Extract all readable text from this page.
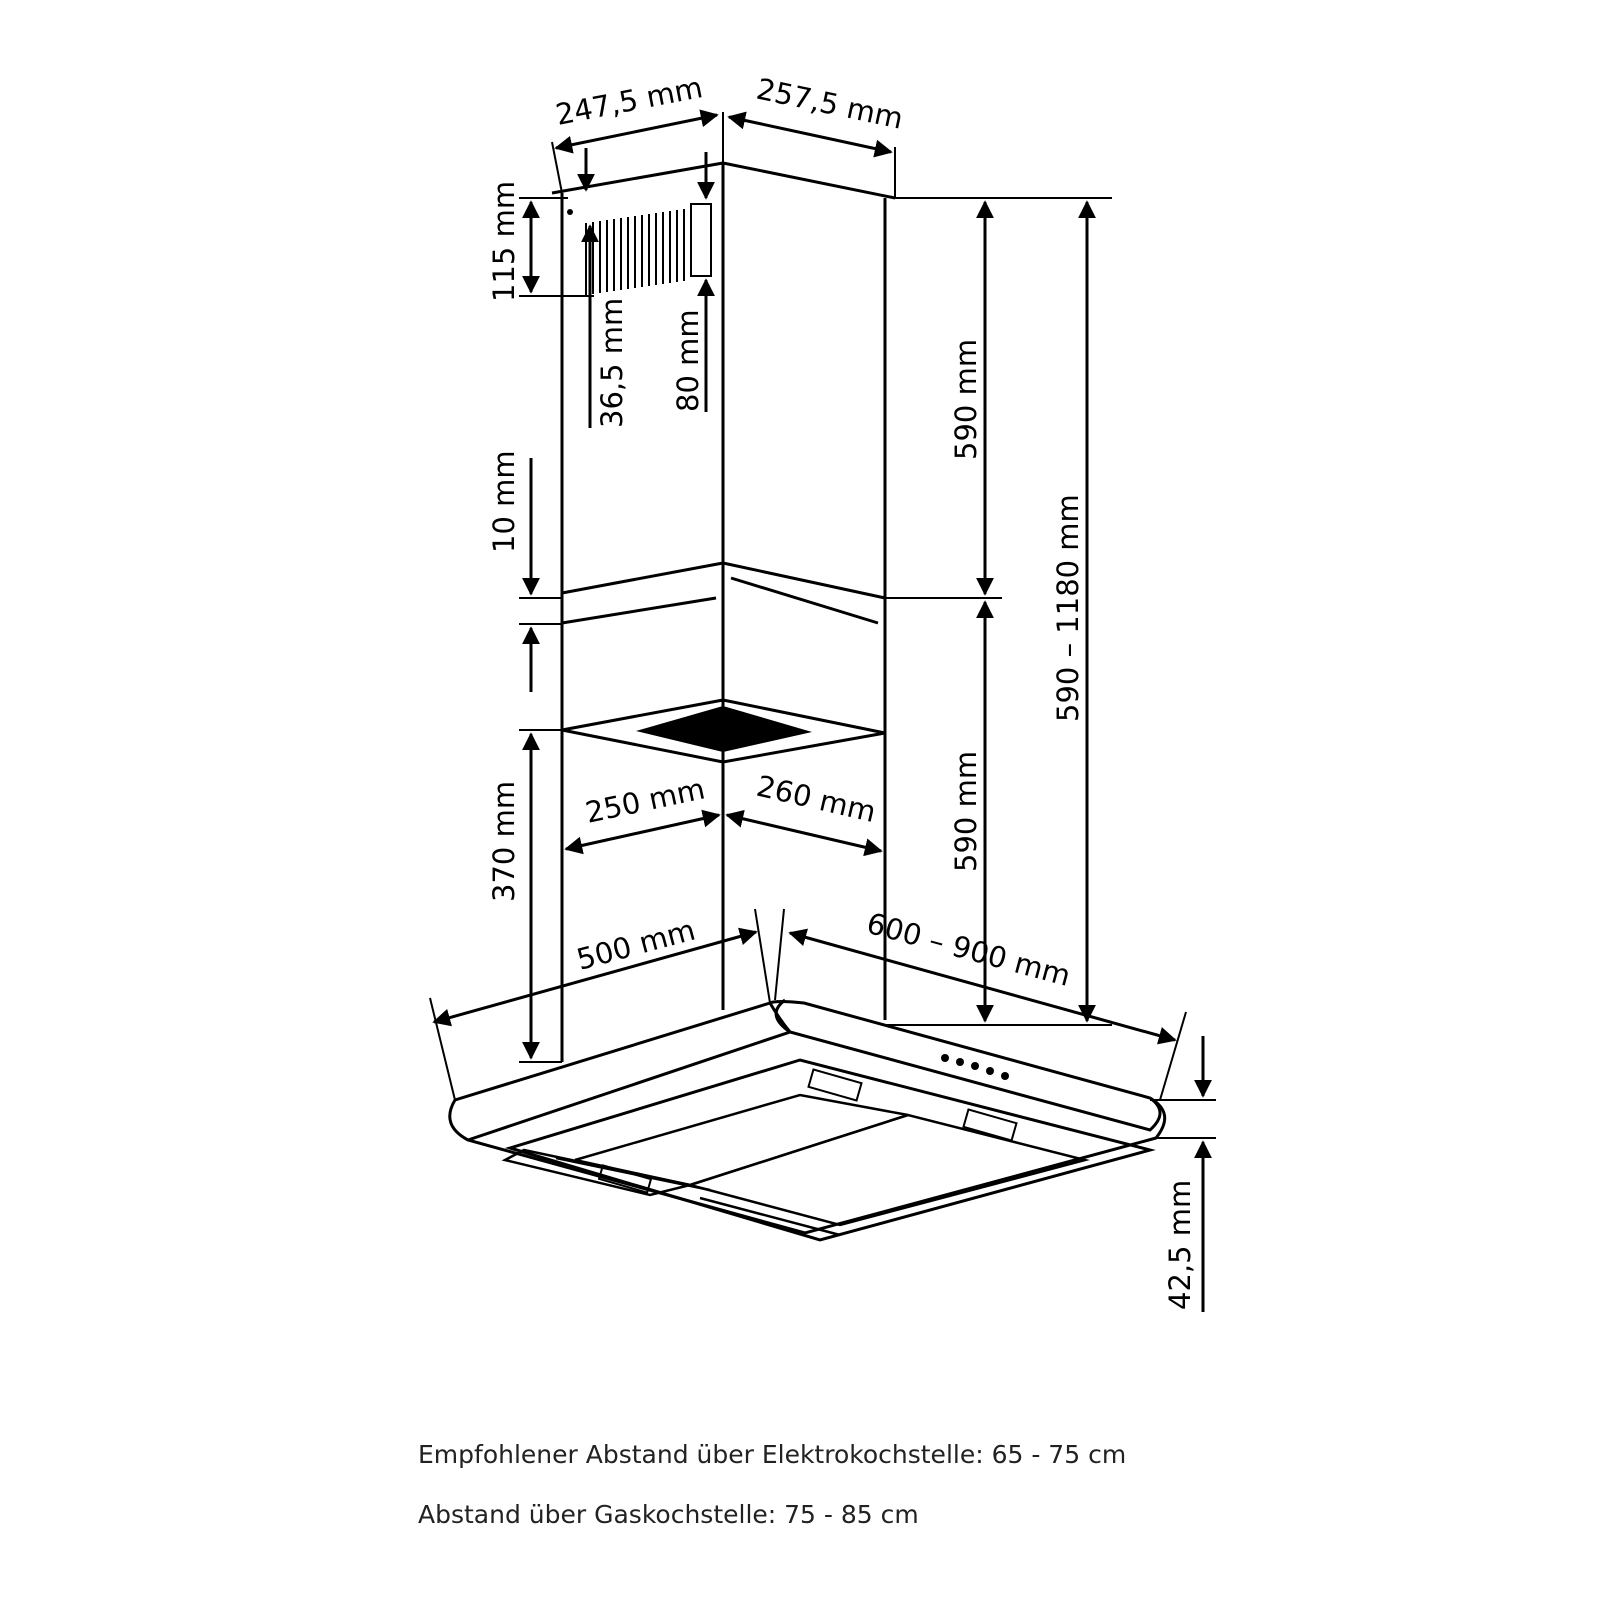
247,5 mm 257,5 mm
115 mm
36,5 mm 80 mm
10 mm
590 mm
590 mm
590 – 1180 mm
370 mm 250 mm 260 mm
500 mm	600 – 900 mm
42,5 mm

Empfohlener Abstand über Elektrokochstelle: 65 - 75 cm

Abstand über Gaskochstelle: 75 - 85 cm
